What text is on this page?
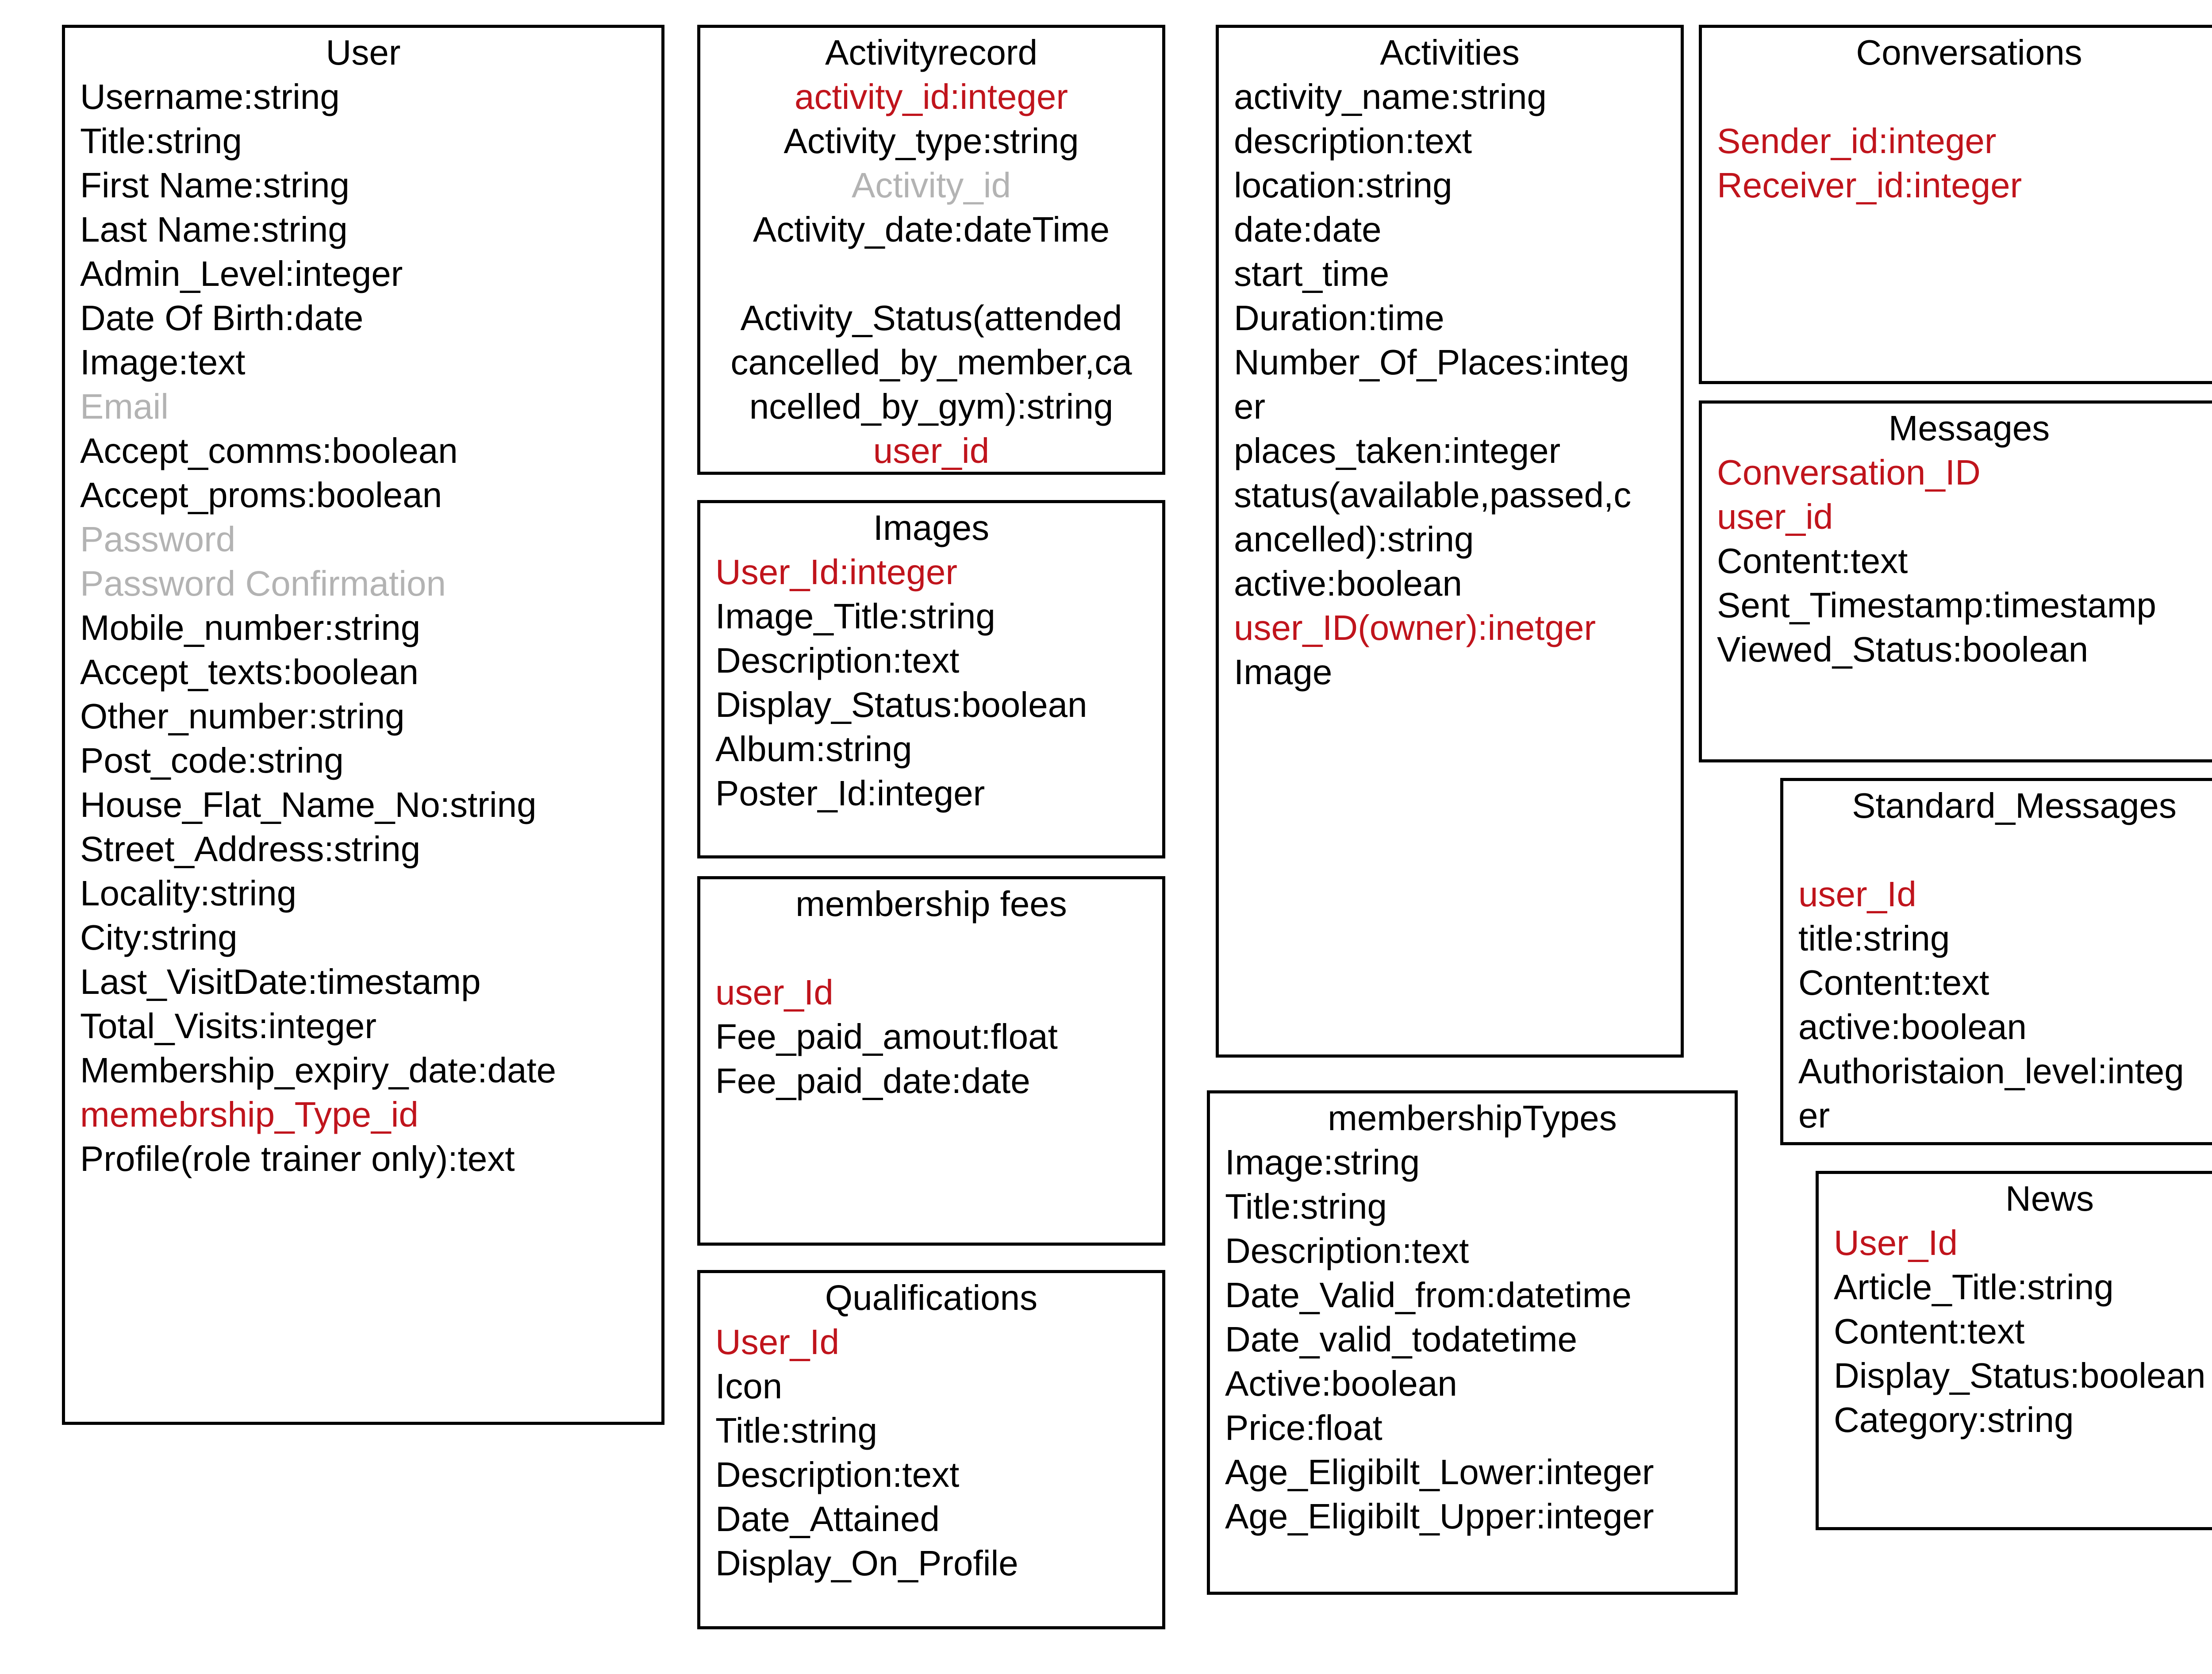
User
Username:string
Title:string
First Name:string
Last Name:string
Admin_Level:integer
Date Of Birth:date
Image:text
Email
Accept_comms:boolean
Accept_proms:boolean
Password
Password Confirmation
Mobile_number:string
Accept_texts:boolean
Other_number:string
Post_code:string
House_Flat_Name_No:string
Street_Address:string
Locality:string
City:string
Last_VisitDate:timestamp
Total_Visits:integer
Membership_expiry_date:date
memebrship_Type_id
Profile(role trainer only):text
Activityrecord
activity_id:integer
Activity_type:string
Activity_id
Activity_date:dateTime
Activity_Status(attended
cancelled_by_member,ca
ncelled_by_gym):string
user_id
Images
User_Id:integer
Image_Title:string
Description:text
Display_Status:boolean
Album:string
Poster_Id:integer
membership fees
user_Id
Fee_paid_amout:float
Fee_paid_date:date
Qualifications
User_Id
Icon
Title:string
Description:text
Date_Attained
Display_On_Profile
Activities
activity_name:string
description:text
location:string
date:date
start_time
Duration:time
Number_Of_Places:integ
er
places_taken:integer
status(available,passed,c
ancelled):string
active:boolean
user_ID(owner):inetger
Image
membershipTypes
Image:string
Title:string
Description:text
Date_Valid_from:datetime
Date_valid_todatetime
Active:boolean
Price:float
Age_Eligibilt_Lower:integer
Age_Eligibilt_Upper:integer
Conversations
Sender_id:integer
Receiver_id:integer
Messages
Conversation_ID
user_id
Content:text
Sent_Timestamp:timestamp
Viewed_Status:boolean
Standard_Messages
user_Id
title:string
Content:text
active:boolean
Authoristaion_level:integ
er
News
User_Id
Article_Title:string
Content:text
Display_Status:boolean
Category:string
